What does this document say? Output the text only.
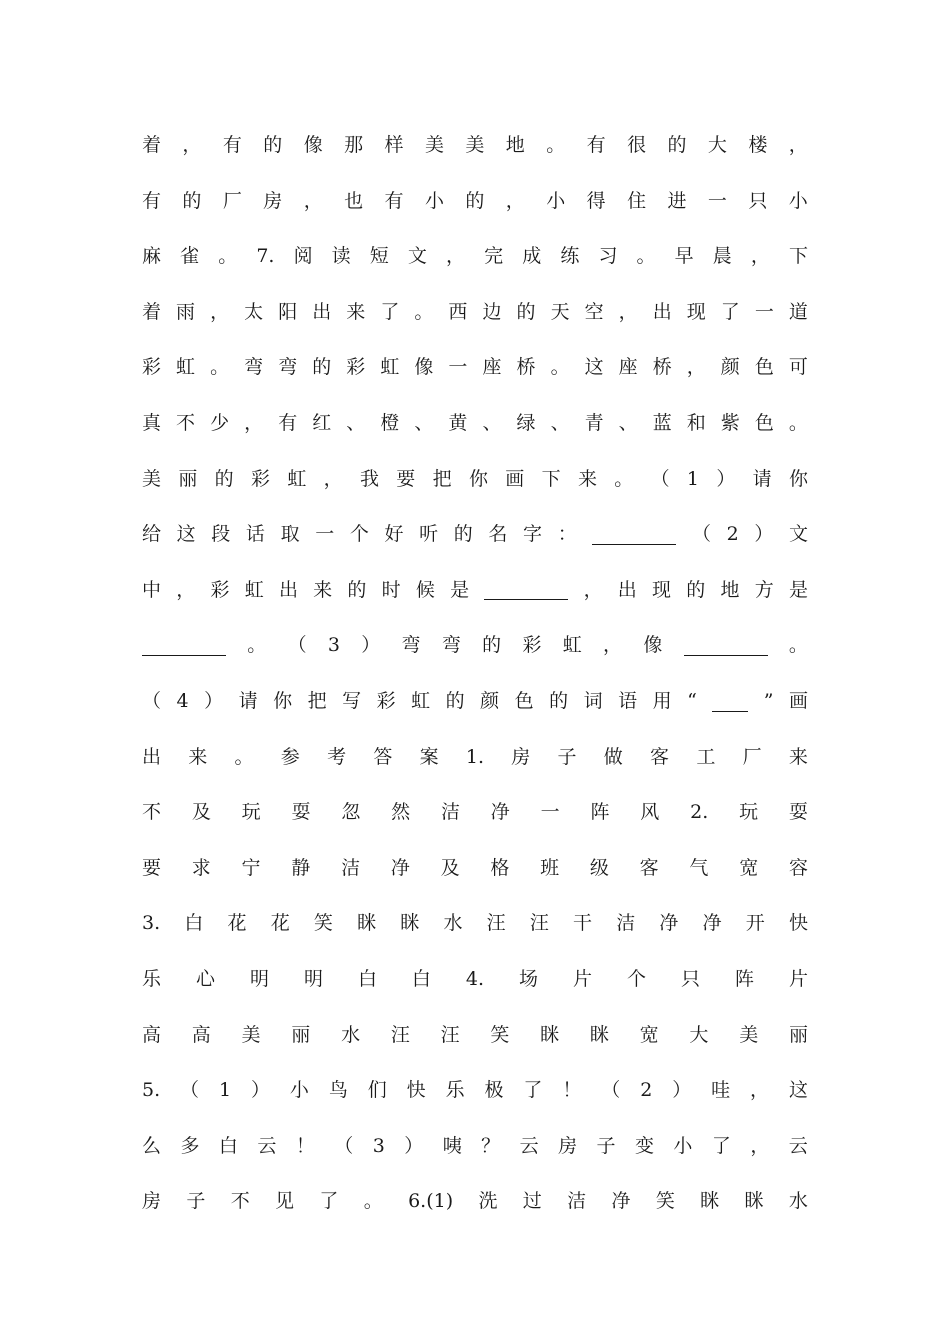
着 ， 有 的 像 那 样 美 美 地 。 有 很 的 大 楼 ，
有 的 厂 房 ， 也 有 小 的 ， 小 得 住 进 一 只 小
麻 雀 。 7. 阅 读 短 文 ， 完 成 练 习 。 早 晨 ， 下
着 雨 ， 太 阳 出 来 了 。 西 边 的 天 空 ， 出 现 了 一 道
彩 虹 。 弯 弯 的 彩 虹 像 一 座 桥 。 这 座 桥 ， 颜 色 可
真 不 少 ， 有 红 、 橙 、 黄 、 绿 、 青 、 蓝 和 紫 色 。
美 丽 的 彩 虹 ， 我 要 把 你 画 下 来 。 （ 1 ） 请 你
给 这 段 话 取 一 个 好 听 的 名 字 ：	（ 2 ） 文
中 ， 彩 虹 出 来 的 时 候 是	， 出 现 的 地 方 是
。 （ 3 ） 弯 弯 的 彩 虹 ， 像	。
（ 4 ） 请 你 把 写 彩 虹 的 颜 色 的 词 语 用 “	” 画
出 来 。 参 考 答 案 1. 房 子 做 客 工 厂 来
不 及 玩 耍 忽 然 洁 净 一 阵 风 2. 玩 耍
要 求 宁 静 洁 净 及 格 班 级 客 气 宽 容
3. 白 花 花 笑 眯 眯 水 汪 汪 干 洁 净 净 开 快
乐 心 明 明 白 白 4. 场 片 个 只 阵 片
高 高 美 丽 水 汪 汪 笑 眯 眯 宽 大 美 丽
5. （ 1 ） 小 鸟 们 快 乐 极 了 ！ （ 2 ） 哇 ， 这
么 多 白 云 ！ （ 3 ） 咦 ？ 云 房 子 变 小 了 ， 云
房 子 不 见 了 。 6.(1) 洗 过 洁 净 笑 眯 眯 水
